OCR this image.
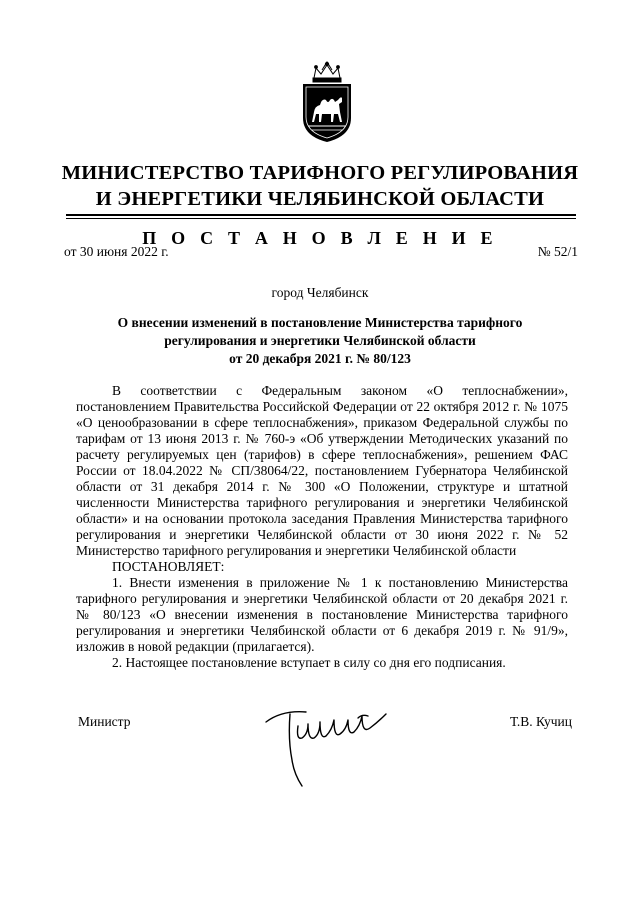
МИНИСТЕРСТВО ТАРИФНОГО РЕГУЛИРОВАНИЯ
И ЭНЕРГЕТИКИ ЧЕЛЯБИНСКОЙ ОБЛАСТИ
П О С Т А Н О В Л Е Н И Е
от 30 июня 2022 г.	№ 52/1
город Челябинск
О внесении изменений в постановление Министерства тарифного
регулирования и энергетики Челябинской области
от 20 декабря 2021 г. № 80/123

В соответствии с Федеральным законом «О теплоснабжении», постановлением Правительства Российской Федерации от 22 октября 2012 г. № 1075 «О ценообразовании в сфере теплоснабжения», приказом Федеральной службы по тарифам от 13 июня 2013 г. № 760-э «Об утверждении Методических указаний по расчету регулируемых цен (тарифов) в сфере теплоснабжения», решением ФАС России от 18.04.2022 № СП/38064/22, постановлением Губернатора Челябинской области от 31 декабря 2014 г. № 300 «О Положении, структуре и штатной численности Министерства тарифного регулирования и энергетики Челябинской области» и на основании протокола заседания Правления Министерства тарифного регулирования и энергетики Челябинской области от 30 июня 2022 г. № 52 Министерство тарифного регулирования и энергетики Челябинской области

ПОСТАНОВЛЯЕТ:

1. Внести изменения в приложение № 1 к постановлению Министерства тарифного регулирования и энергетики Челябинской области от 20 декабря 2021 г. № 80/123 «О внесении изменения в постановление Министерства тарифного регулирования и энергетики Челябинской области от 6 декабря 2019 г. № 91/9», изложив в новой редакции (прилагается).

2. Настоящее постановление вступает в силу со дня его подписания.

Министр	Т.В. Кучиц
